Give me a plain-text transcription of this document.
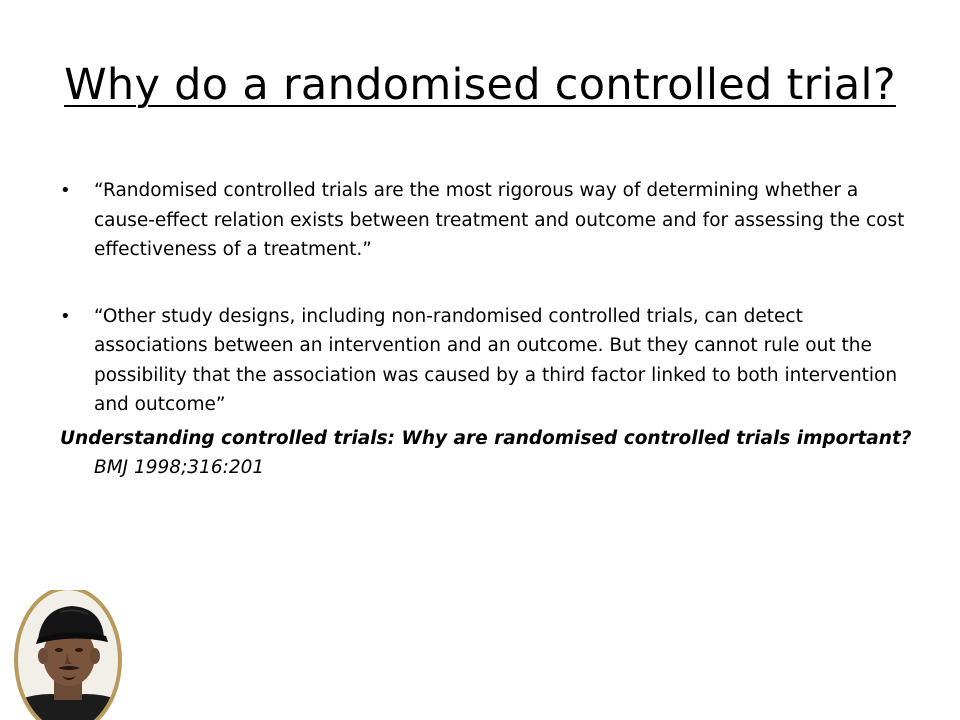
Why do a randomised controlled trial?
• “Randomised controlled trials are the most rigorous way of determining whether a cause-effect relation exists between treatment and outcome and for assessing the cost effectiveness of a treatment.”
• “Other study designs, including non-randomised controlled trials, can detect associations between an intervention and an outcome. But they cannot rule out the possibility that the association was caused by a third factor linked to both intervention and outcome”
Understanding controlled trials: Why are randomised controlled trials important?
BMJ 1998;316:201
